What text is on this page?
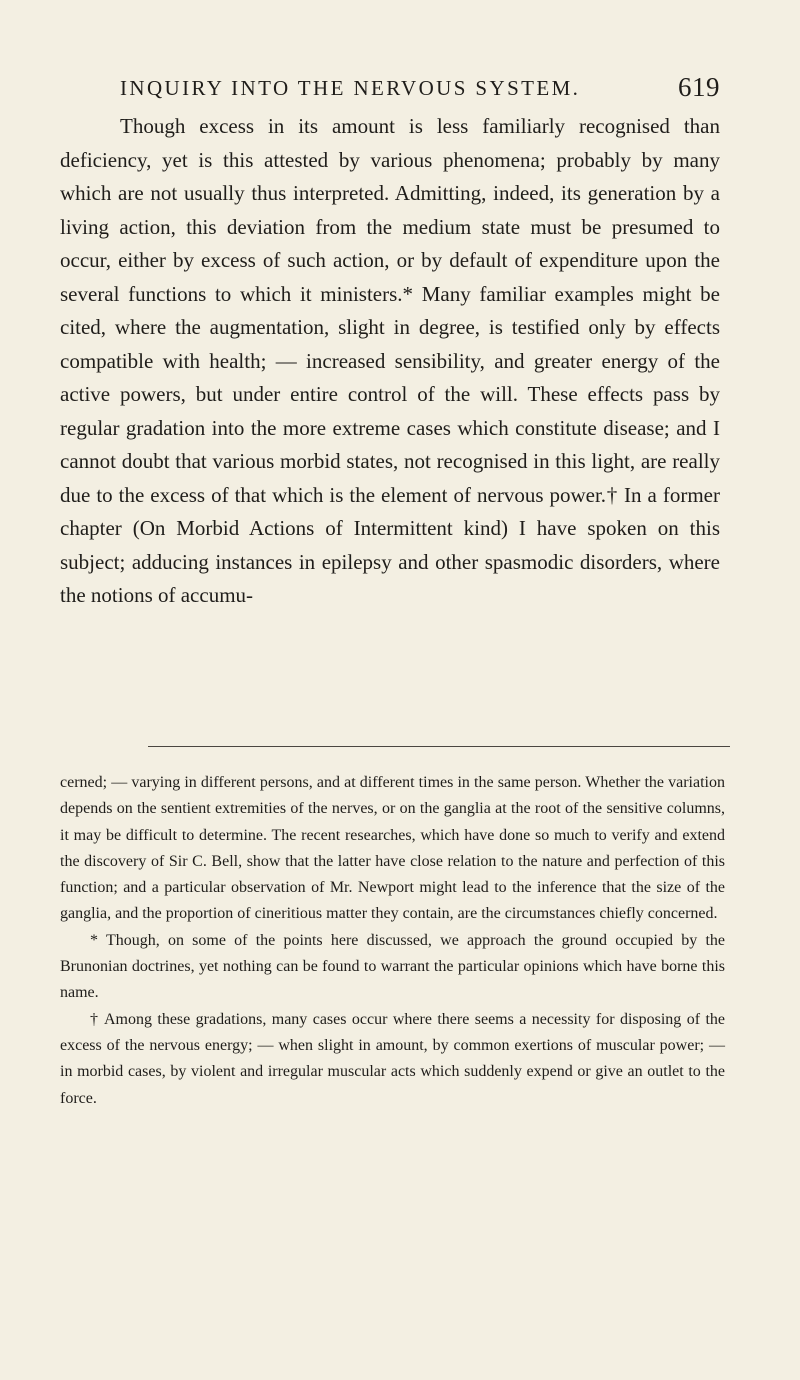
INQUIRY INTO THE NERVOUS SYSTEM.	619

Though excess in its amount is less familiarly recognised than deficiency, yet is this attested by various phenomena; probably by many which are not usually thus interpreted. Admitting, indeed, its generation by a living action, this deviation from the medium state must be presumed to occur, either by excess of such action, or by default of expenditure upon the several functions to which it ministers.* Many familiar examples might be cited, where the augmentation, slight in degree, is testified only by effects compatible with health; — increased sensibility, and greater energy of the active powers, but under entire control of the will. These effects pass by regular gradation into the more extreme cases which constitute disease; and I cannot doubt that various morbid states, not recognised in this light, are really due to the excess of that which is the element of nervous power.† In a former chapter (On Morbid Actions of Intermittent kind) I have spoken on this subject; adducing instances in epilepsy and other spasmodic disorders, where the notions of accumu-

cerned; — varying in different persons, and at different times in the same person. Whether the variation depends on the sentient extremities of the nerves, or on the ganglia at the root of the sensitive columns, it may be difficult to determine. The recent researches, which have done so much to verify and extend the discovery of Sir C. Bell, show that the latter have close relation to the nature and perfection of this function; and a particular observation of Mr. Newport might lead to the inference that the size of the ganglia, and the proportion of cineritious matter they contain, are the circumstances chiefly concerned.

* Though, on some of the points here discussed, we approach the ground occupied by the Brunonian doctrines, yet nothing can be found to warrant the particular opinions which have borne this name.

† Among these gradations, many cases occur where there seems a necessity for disposing of the excess of the nervous energy; — when slight in amount, by common exertions of muscular power; — in morbid cases, by violent and irregular muscular acts which suddenly expend or give an outlet to the force.
